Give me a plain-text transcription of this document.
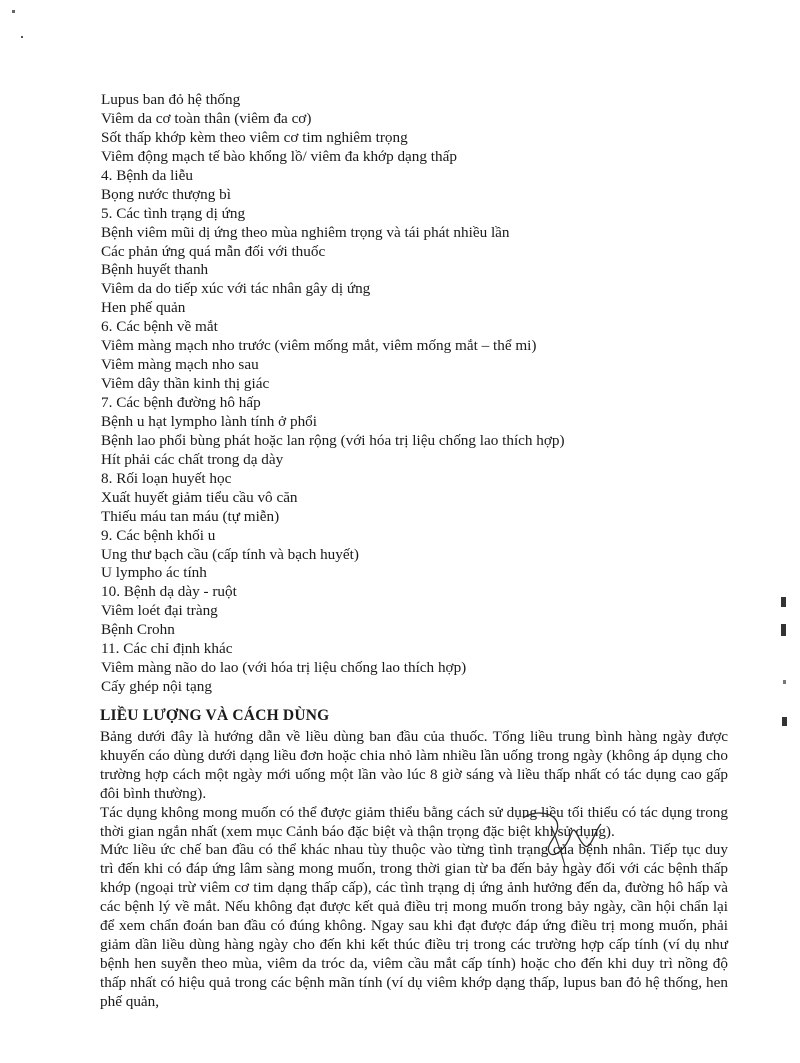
Lupus ban đỏ hệ thống
Viêm da cơ toàn thân (viêm đa cơ)
Sốt thấp khớp kèm theo viêm cơ tim nghiêm trọng
Viêm động mạch tế bào khổng lồ/ viêm đa khớp dạng thấp
4. Bệnh da liễu
Bọng nước thượng bì
5. Các tình trạng dị ứng
Bệnh viêm mũi dị ứng theo mùa nghiêm trọng và tái phát nhiều lần
Các phản ứng quá mẫn đối với thuốc
Bệnh huyết thanh
Viêm da do tiếp xúc với tác nhân gây dị ứng
Hen phế quản
6. Các bệnh về mắt
Viêm màng mạch nho trước (viêm mống mắt, viêm mống mắt – thể mi)
Viêm màng mạch nho sau
Viêm dây thần kinh thị giác
7. Các bệnh đường hô hấp
Bệnh u hạt lympho lành tính ở phổi
Bệnh lao phổi bùng phát hoặc lan rộng (với hóa trị liệu chống lao thích hợp)
Hít phải các chất trong dạ dày
8. Rối loạn huyết học
Xuất huyết giảm tiểu cầu vô căn
Thiếu máu tan máu (tự miễn)
9. Các bệnh khối u
Ung thư bạch cầu (cấp tính và bạch huyết)
U lympho ác tính
10. Bệnh dạ dày - ruột
Viêm loét đại tràng
Bệnh Crohn
11. Các chỉ định khác
Viêm màng não do lao (với hóa trị liệu chống lao thích hợp)
Cấy ghép nội tạng
LIỀU LƯỢNG VÀ CÁCH DÙNG

Bảng dưới đây là hướng dẫn về liều dùng ban đầu của thuốc. Tổng liều trung bình hàng ngày được khuyến cáo dùng dưới dạng liều đơn hoặc chia nhỏ làm nhiều lần uống trong ngày (không áp dụng cho trường hợp cách một ngày mới uống một lần vào lúc 8 giờ sáng và liều thấp nhất có tác dụng cao gấp đôi bình thường).

Tác dụng không mong muốn có thể được giảm thiểu bằng cách sử dụng liều tối thiểu có tác dụng trong thời gian ngắn nhất (xem mục Cảnh báo đặc biệt và thận trọng đặc biệt khi sử dụng).

Mức liều ức chế ban đầu có thể khác nhau tùy thuộc vào từng tình trạng của bệnh nhân. Tiếp tục duy trì đến khi có đáp ứng lâm sàng mong muốn, trong thời gian từ ba đến bảy ngày đối với các bệnh thấp khớp (ngoại trừ viêm cơ tim dạng thấp cấp), các tình trạng dị ứng ảnh hưởng đến da, đường hô hấp và các bệnh lý về mắt. Nếu không đạt được kết quả điều trị mong muốn trong bảy ngày, cần hội chẩn lại để xem chẩn đoán ban đầu có đúng không. Ngay sau khi đạt được đáp ứng điều trị mong muốn, phải giảm dần liều dùng hàng ngày cho đến khi kết thúc điều trị trong các trường hợp cấp tính (ví dụ như bệnh hen suyễn theo mùa, viêm da tróc da, viêm cầu mắt cấp tính) hoặc cho đến khi duy trì nồng độ thấp nhất có hiệu quả trong các bệnh mãn tính (ví dụ viêm khớp dạng thấp, lupus ban đỏ hệ thống, hen phế quản,
